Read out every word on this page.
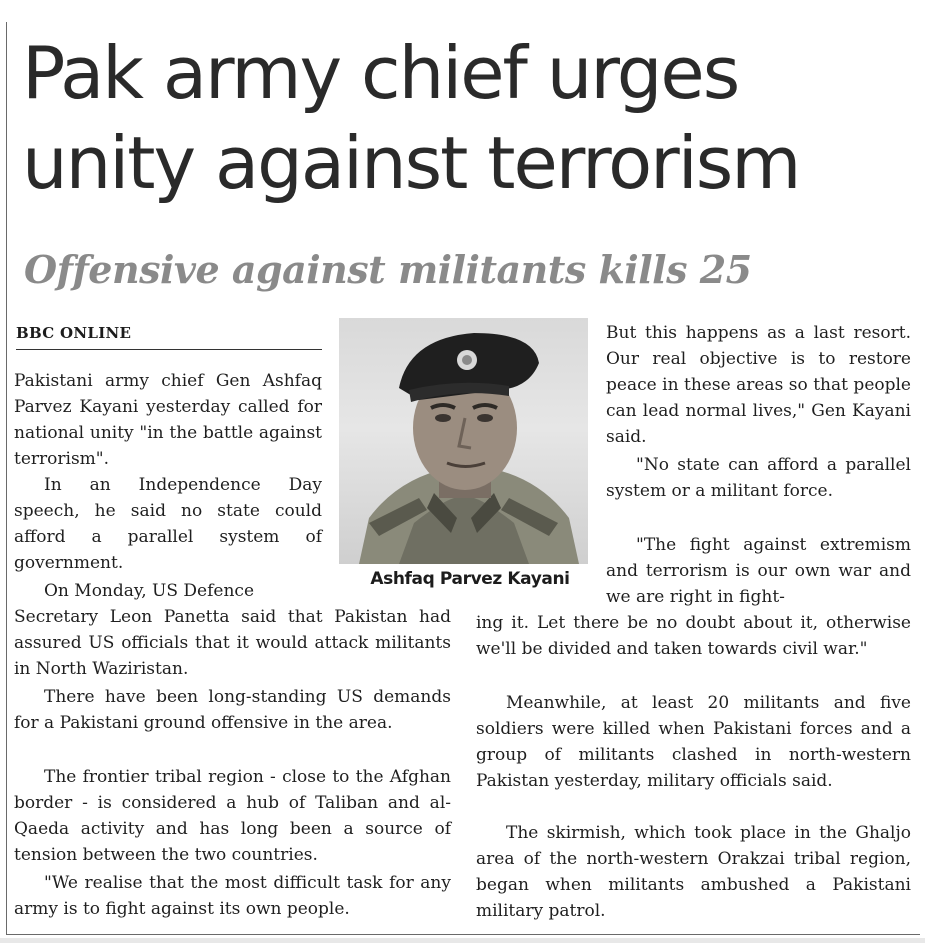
Pak army chief urges
unity against terrorism
Offensive against militants kills 25
BBC ONLINE

Pakistani army chief Gen Ashfaq Parvez Kayani yesterday called for national unity "in the battle against terrorism".

In an Independence Day speech, he said no state could afford a parallel system of government.

On Monday, US Defence

Secretary Leon Panetta said that Pakistan had assured US officials that it would attack militants in North Waziristan.

There have been long-standing US demands for a Pakistani ground offensive in the area.

The frontier tribal region - close to the Afghan border - is considered a hub of Taliban and al-Qaeda activity and has long been a source of tension between the two countries.

"We realise that the most difficult task for any army is to fight against its own people.

Ashfaq Parvez Kayani

But this happens as a last resort. Our real objective is to restore peace in these areas so that people can lead normal lives," Gen Kayani said.

"No state can afford a parallel system or a militant force.

"The fight against extremism and terrorism is our own war and we are right in fight-

ing it. Let there be no doubt about it, otherwise we'll be divided and taken towards civil war."

Meanwhile, at least 20 militants and five soldiers were killed when Pakistani forces and a group of militants clashed in north-western Pakistan yesterday, military officials said.

The skirmish, which took place in the Ghaljo area of the north-western Orakzai tribal region, began when militants ambushed a Pakistani military patrol.
